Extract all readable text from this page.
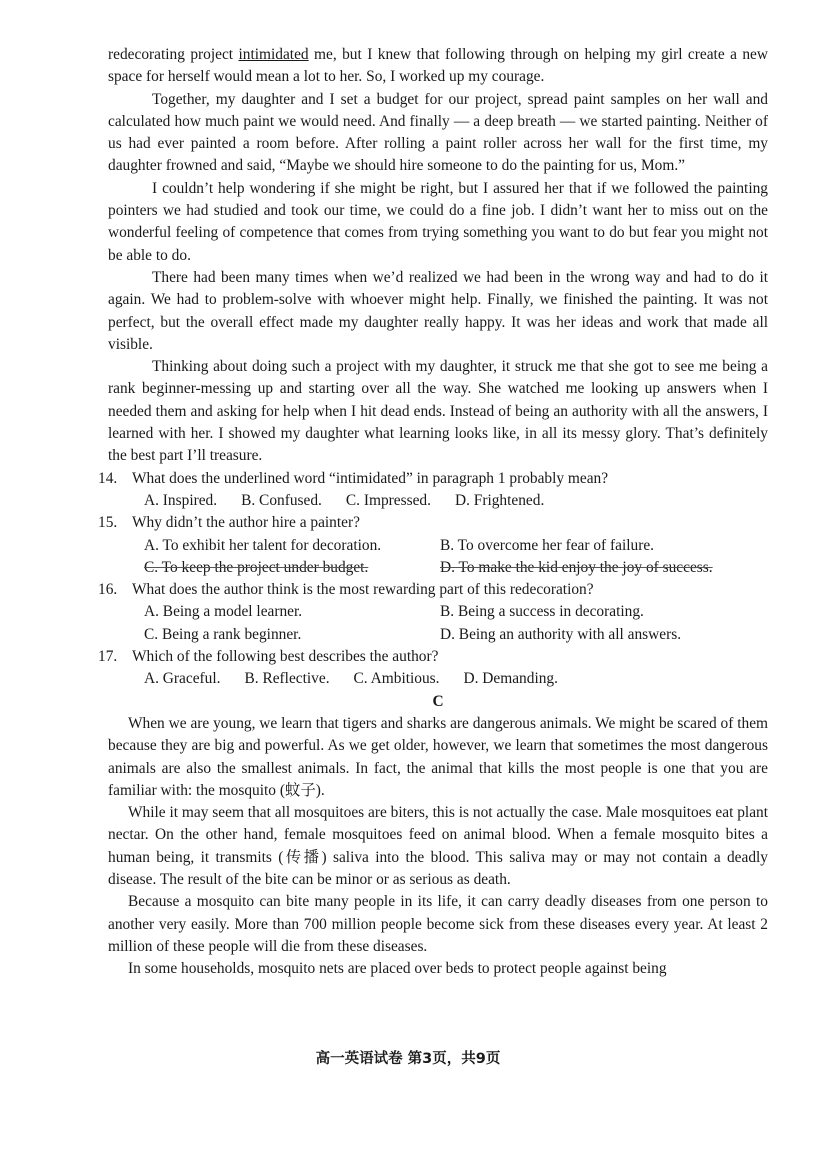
redecorating project intimidated me, but I knew that following through on helping my girl create a new space for herself would mean a lot to her. So, I worked up my courage.

Together, my daughter and I set a budget for our project, spread paint samples on her wall and calculated how much paint we would need. And finally — a deep breath — we started painting. Neither of us had ever painted a room before. After rolling a paint roller across her wall for the first time, my daughter frowned and said, “Maybe we should hire someone to do the painting for us, Mom.”

I couldn’t help wondering if she might be right, but I assured her that if we followed the painting pointers we had studied and took our time, we could do a fine job. I didn’t want her to miss out on the wonderful feeling of competence that comes from trying something you want to do but fear you might not be able to do.

There had been many times when we’d realized we had been in the wrong way and had to do it again. We had to problem-solve with whoever might help. Finally, we finished the painting. It was not perfect, but the overall effect made my daughter really happy. It was her ideas and work that made all visible.

Thinking about doing such a project with my daughter, it struck me that she got to see me being a rank beginner-messing up and starting over all the way. She watched me looking up answers when I needed them and asking for help when I hit dead ends. Instead of being an authority with all the answers, I learned with her. I showed my daughter what learning looks like, in all its messy glory. That’s definitely the best part I’ll treasure.

14. What does the underlined word “intimidated” in paragraph 1 probably mean?
A. Inspired. B. Confused. C. Impressed. D. Frightened.
15. Why didn’t the author hire a painter?
A. To exhibit her talent for decoration.	B. To overcome her fear of failure.
C. To keep the project under budget.	D. To make the kid enjoy the joy of success.
16. What does the author think is the most rewarding part of this redecoration?
A. Being a model learner.	B. Being a success in decorating.
C. Being a rank beginner.	D. Being an authority with all answers.
17. Which of the following best describes the author?
A. Graceful. B. Reflective. C. Ambitious. D. Demanding.

C

When we are young, we learn that tigers and sharks are dangerous animals. We might be scared of them because they are big and powerful. As we get older, however, we learn that sometimes the most dangerous animals are also the smallest animals. In fact, the animal that kills the most people is one that you are familiar with: the mosquito (蚊子).

While it may seem that all mosquitoes are biters, this is not actually the case. Male mosquitoes eat plant nectar. On the other hand, female mosquitoes feed on animal blood. When a female mosquito bites a human being, it transmits (传播) saliva into the blood. This saliva may or may not contain a deadly disease. The result of the bite can be minor or as serious as death.

Because a mosquito can bite many people in its life, it can carry deadly diseases from one person to another very easily. More than 700 million people become sick from these diseases every year. At least 2 million of these people will die from these diseases.

In some households, mosquito nets are placed over beds to protect people against being

高一英语试卷 第3页，共9页
